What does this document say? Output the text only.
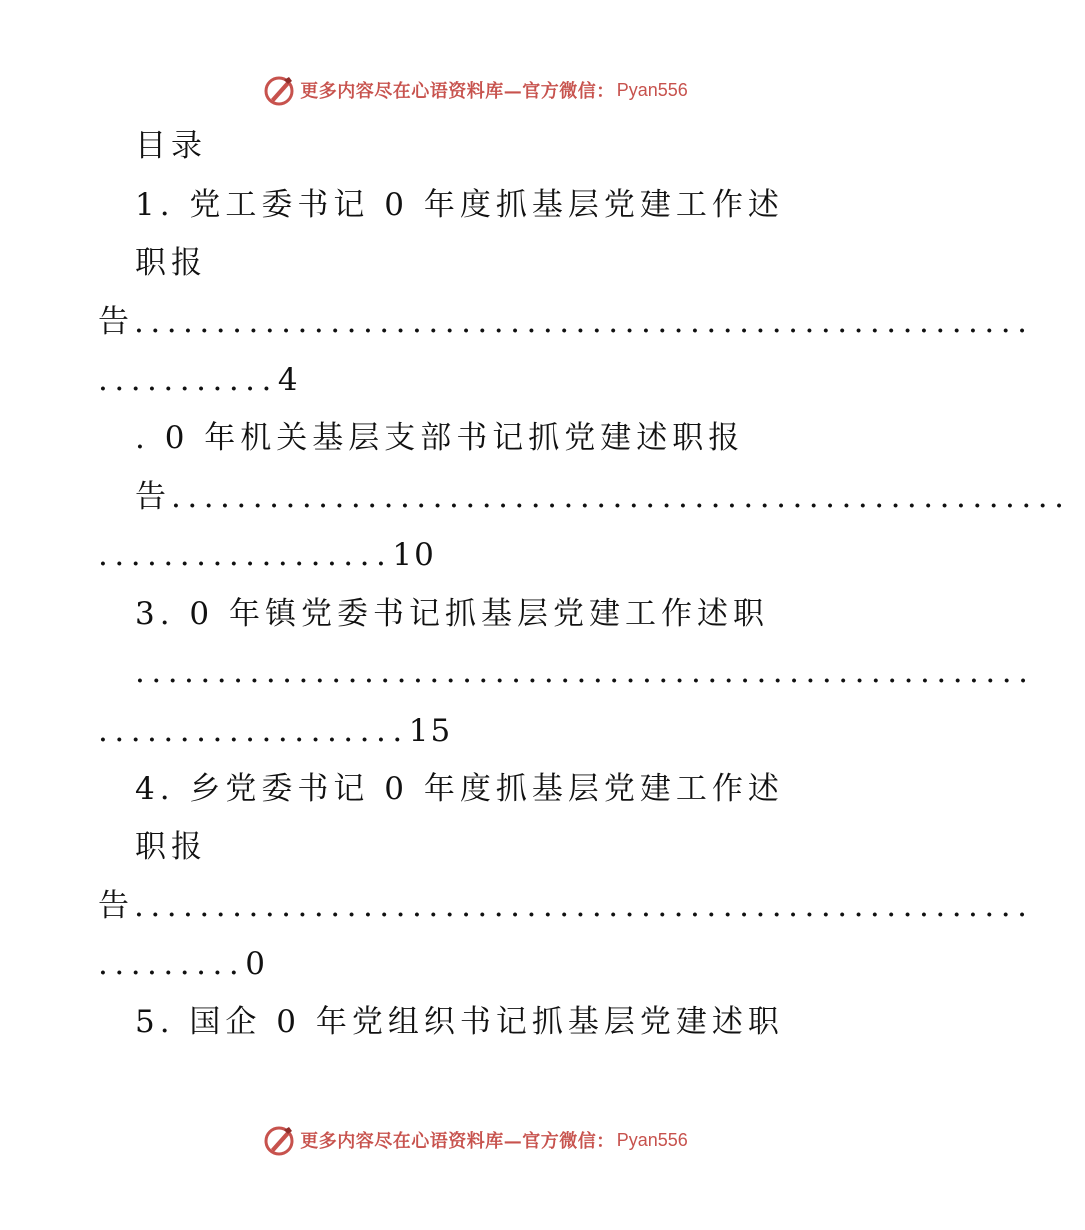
更多内容尽在心语资料库—官方微信： Pyan556
目录
1. 党工委书记 0 年度抓基层党建工作述
职报
告.......................................................
...........4
. 0 年机关基层支部书记抓党建述职报
告.......................................................
..................10
3. 0 年镇党委书记抓基层党建工作述职
.......................................................
...................15
4. 乡党委书记 0 年度抓基层党建工作述
职报
告.......................................................
.........0
5. 国企 0 年党组织书记抓基层党建述职
更多内容尽在心语资料库—官方微信： Pyan556
